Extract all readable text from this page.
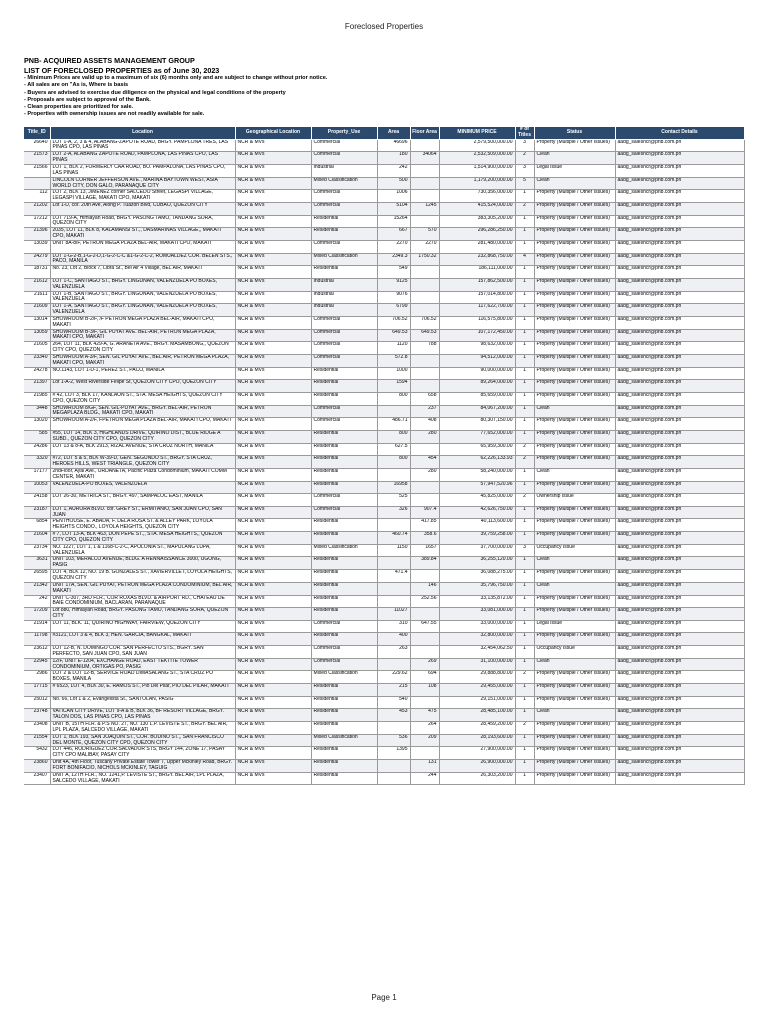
Foreclosed Properties
PNB- ACQUIRED ASSETS MANAGEMENT GROUP
LIST OF FORECLOSED PROPERTIES as of June 30, 2023
- Minimum Prices are valid up to a maximum of six (6) months only and are subject to change without prior notice.
- All sales are on "As is, Where is basis
- Buyers are advised to exercise due diligence on the physical and legal conditions of the property
- Proposals are subject to approval of the Bank.
- Clean properties are prioritized for sale.
- Properties with ownership issues are not readily available for sale.
Title_ID	Location	Geographical Location	Property_Use	Area	Floor Area	MINIMUM PRICE	# of Titles	Status	Contact Details
26640	LOT 1-A, 2, 3 & 4, ALABANG-ZAPOTE ROAD, BRGY. PAMPLONA TRES, LAS PINAS CPO, LAS PINAS	NCR & MVs	Commercial	46696		2,579,500,000.00	3	Property (Multiple / Other Issues)	aadg_salesncr@pnb.com.ph
21573	LOT 2-A, ALABANG ZAPOTE ROAD, PAMPLONA, LAS PINAS CPO, LAS PINAS	NCR & MVs	Commercial	180	34064	2,532,509,000.00	2	Clean	aadg_salesncr@pnb.com.ph
21566	LOT 1, BLK 2, FORMERLY CAA ROAD, BO. PAMPALONA, LAS PINAS CPO, LAS PINAS	NCR & MVs	Industrial	242		1,514,900,000.00	3	Legal Issue	aadg_salesncr@pnb.com.ph
	LINCOLN CORNER JEFFERSON AVE., MARINA BAYTOWN WEST, ASIA WORLD CITY, DON GALO, PARANAQUE CITY	NCR & MVs	Mixed Classification	500		1,179,200,000.00	5	Clean	aadg_salesncr@pnb.com.ph
112	LOT 2, BLK 13, JIMENEZ corner SALCEDO Street, LEGASPI VILLAGE, LEGASPI VILLAGE, MAKATI CPO, MAKATI	NCR & MVs	Commercial	1006		730,356,000.00	1	Property (Multiple / Other Issues)	aadg_salesncr@pnb.com.ph
21202	Lot 1-D, cor. 20th Ave, Along P. Tuazon Blvd, CUBAO, QUEZON CITY	NCR & MVs	Commercial	5104	1245	415,524,000.00	2	Property (Multiple / Other Issues)	aadg_salesncr@pnb.com.ph
17212	LOT 719-A, Himlayan Road, BRGY. PASONG TAMO, TANDANG SORA, QUEZON CITY	NCR & MVs	Residential	15264		383,305,200.00	1	Property (Multiple / Other Issues)	aadg_salesncr@pnb.com.ph
21396	2035, LOT 11, BLK 8, KALAMANSI ST.,, DASMARINAS VILLAGE,, MAKATI CPO, MAKATI	NCR & MVs	Residential	667	570	296,286,250.00	1	Property (Multiple / Other Issues)	aadg_salesncr@pnb.com.ph
13039	UNIT 8A-8/F, PETRON MEGA PLAZA BEL-AIR, MAKATI CPO, MAKATI	NCR & MVs	Commercial	2270	2270	281,480,000.00	1	Property (Multiple / Other Issues)	aadg_salesncr@pnb.com.ph
24279	LOT 1-G-2-B,1-G-2-D,1-G-2-C-C &1-G-2-C-2, ROMUALDEZ COR. BELEN STS., PACO, MANILA	NCR & MVs	Mixed Classification	2349.3	1750.32	232,868,750.00	4	Property (Multiple / Other Issues)	aadg_salesncr@pnb.com.ph
18731	No. 23, Lot 2, Block 7, Libra St., Bel Air 4 Village, BEL AIR, MAKATI	NCR & MVs	Residential	549		186,111,000.00	1	Property (Multiple / Other Issues)	aadg_salesncr@pnb.com.ph
21612	LOT 1-C, SANTIAGO ST., BRGY. LINGUNAN, VALENZUELA PO BOXES, VALENZUELA	NCR & MVs	Industrial	9125		157,862,500.00	1	Property (Multiple / Other Issues)	aadg_salesncr@pnb.com.ph
21611	LOT 1-B, SANTIAGO ST., BRGY. LINGUNAN, VALENZUELA PO BOXES, VALENZUELA	NCR & MVs	Industrial	9076		157,014,800.00	1	Property (Multiple / Other Issues)	aadg_salesncr@pnb.com.ph
21609	LOT 1-A, SANTIAGO ST., BRGY. LINGUNAN, VALENZUELA PO BOXES, VALENZUELA	NCR & MVs	Industrial	6799		117,622,700.00	1	Property (Multiple / Other Issues)	aadg_salesncr@pnb.com.ph
13014	SHOWROOM B-2/F, /F PETRON MEGA PLAZA BEL-AIR, MAKATI CPO, MAKATI	NCR & MVs	Commercial	706.52	706.52	116,575,800.00	1	Property (Multiple / Other Issues)	aadg_salesncr@pnb.com.ph
13059	SHOWROOM B-3/F, GIL PUYAT AVE. BEL-AIR, PETRON MEGA PLAZA, MAKATI CPO, MAKATI	NCR & MVs	Commercial	649.53	649.53	107,172,450.00	1	Property (Multiple / Other Issues)	aadg_salesncr@pnb.com.ph
21605	264, LOT 11, BLK 429-A, G. ARANETA AVE., BRGY. MASAMBONG,, QUEZON CITY CPO, QUEZON CITY	NCR & MVs	Commercial	1120	788	98,632,000.00	1	Property (Multiple / Other Issues)	aadg_salesncr@pnb.com.ph
23340	SHOWROOM A-3/F, SEN. GIL PUYAT AVE., BEL AIR, PETRON MEGA PLAZA, MAKATI CPO, MAKATI	NCR & MVs	Commercial	572.8		94,512,000.00	1	Property (Multiple / Other Issues)	aadg_salesncr@pnb.com.ph
24278	NO.1143, LOT 1-D-1, PEREZ ST., PACO, MANILA	NCR & MVs	Residential	1000		90,000,000.00	1	Property (Multiple / Other Issues)	aadg_salesncr@pnb.com.ph
21397	Lot 1-A-2, West Riverside Felipe St, QUEZON CITY CPO, QUEZON CITY	NCR & MVs	Residential	1594		89,264,000.00	1	Property (Multiple / Other Issues)	aadg_salesncr@pnb.com.ph
21985	# 42, LOT 3, BLK 17, KANLAON ST., STA. MESA HEIGHTS, QUEZON CITY CPO, QUEZON CITY	NCR & MVs	Residential	800	658	85,659,000.00	1	Property (Multiple / Other Issues)	aadg_salesncr@pnb.com.ph
3448	SHOWROOM 8/GF, SEN. GIL-PUYAT AVE., BRGY. BEL-AIR, PETRON MEGAPLAZA BLDG., MAKATI CPO, MAKATI	NCR & MVs	Commercial		237	84,067,200.00	1	Clean	aadg_salesncr@pnb.com.ph
13020	SHOWROOM A-2/F, FPETRON MEGA PLAZA BEL-AIR, MAKATI CPO, MAKATI	NCR & MVs	Commercial	486.71	408	80,307,150.00	1	Property (Multiple / Other Issues)	aadg_salesncr@pnb.com.ph
585	#55, LOT 14, BLK 3, HIGHLANDS DRIVE, QUIRINO DIST., BLUE RIDGE A SUBD., QUEZON CITY CPO, QUEZON CITY	NCR & MVs	Residential	800	280	77,652,000.00	1	Property (Multiple / Other Issues)	aadg_salesncr@pnb.com.ph
24286	LOT 13 & 8-A, BLK 2913, RIZAL AVENUE, STA CRUZ NORTH, MANILA	NCR & MVs	Residential	627.5		65,959,300.00	2	Property (Multiple / Other Issues)	aadg_salesncr@pnb.com.ph
3320	#72, LOT 5 & 5, BLK W-39-D, GEN. SEGUNDO ST., BRGY. STA CRUZ, HEROES HILLS, WEST TRIANGLE, QUEZON CITY	NCR & MVs	Residential	800	454	62,226,133.93	2	Property (Multiple / Other Issues)	aadg_salesncr@pnb.com.ph
17177	2ndFloor, Ayal Ave., URDANETA, Pacific Plaza Condominium, MAKATI COMM CENTER, MAKATI	NCR & MVs	Residential		280	58,240,000.00	1	Clean	aadg_salesncr@pnb.com.ph
10053	VALENZUELA-PO BOXES, VALENZUELA	NCR & MVs	Residential	16958		57,947,520.96	1	Property (Multiple / Other Issues)	aadg_salesncr@pnb.com.ph
24158	LOT 26-30, METRICA ST., BRGY. 497, SAMPALOC EAST, MANILA	NCR & MVs	Commercial	525		45,825,000.00	2	Ownership Issue	aadg_salesncr@pnb.com.ph
23187	LOT 1, AURORA BLVD. cor. GREY ST., ERMITANIO, SAN JUAN CPO, SAN JUAN	NCR & MVs	Commercial	326	907.4	42,626,750.00	1	Property (Multiple / Other Issues)	aadg_salesncr@pnb.com.ph
6854	PENTHOUSE, E. ABADA, F. DELA ROSA ST. & ALLEY PARK, LOYOLA HEIGHTS CONDO., LOYOLA HEIGHTS, QUEZON CITY	NCR & MVs	Residential		417.85	40,113,600.00	1	Property (Multiple / Other Issues)	aadg_salesncr@pnb.com.ph
21604	# 7, LOT 13-A, BLK 463, DON PEPE ST.,, STA. MESA HEIGHTS,, QUEZON CITY CPO, QUEZON CITY	NCR & MVs	Residential	460.74	358.6	39,759,258.00	1	Property (Multiple / Other Issues)	aadg_salesncr@pnb.com.ph
23734	NO. 1227, LOT 1, 1 & 1168-C-2-C, APOLONIA ST., MAPULANG LUPA, VALENZUELA	NCR & MVs	Mixed Classification	1150	1657	37,700,000.00	3	Occupancy Issue	aadg_salesncr@pnb.com.ph
3631	UNIT 103, MERALCO AVENUE, BLDG. A RENNAISSANCE 3000, UGONG, PASIG	NCR & MVs	Residential		389.84	36,255,120.00	1	Clean	aadg_salesncr@pnb.com.ph
26595	LOT 4, BLK 12, NO. 19 B. GONZALES ST., XAVIERVILLE I, LOYOLA HEIGHTS, QUEZON CITY	NCR & MVs	Residential	471.4		36,088,275.00	1	Property (Multiple / Other Issues)	aadg_salesncr@pnb.com.ph
21342	UNIT 17A, SEN. GIL PUYAT, PETRON MEGA PLAZA CONDOMINIUM, BEL AIR, MAKATI	NCR & MVs	Residential		146	35,796,750.00	1	Clean	aadg_salesncr@pnb.com.ph
242	UNIT C-307, 3RD FLR., COR ROXAS BLVD. & AIRPORT RD., CHATEAU DE BAIE CONDOMINIUM, BACLARAN, PARANAQUE	NCR & MVs	Residential		252.56	33,135,872.00	1	Property (Multiple / Other Issues)	aadg_salesncr@pnb.com.ph
17209	Lot 880, Himlayan Road, BRGY. PASONG TAMO, TANDANG SORA, QUEZON CITY	NCR & MVs	Residential	11027		33,081,000.00	1	Property (Multiple / Other Issues)	aadg_salesncr@pnb.com.ph
21914	LOT 11, BLK. 11, QUIRINO HIGHWAY, FAIRVIEW, QUEZON CITY	NCR & MVs	Commercial	310	647.55	33,000,000.00	1	Legal Issue	aadg_salesncr@pnb.com.ph
11798	#3121, LOT 3 & 4, BLK 3, HEN. GARCIA, BANGKAL, MAKATI	NCR & MVs	Residential	400		32,800,000.00	1	Property (Multiple / Other Issues)	aadg_salesncr@pnb.com.ph
23612	LOT 12-B, N. DOMINGO COR. SAN PERFECTO STS., BGRY. SAN PERFECTO, SAN JUAN CPO, SAN JUAN	NCR & MVs	Commercial	263		32,454,062.50	1	Occupancy Issue	aadg_salesncr@pnb.com.ph
22945	12/F, UNIT E-1204, EXCHANGE ROAD, EAST TEKTITE TOWER CONDOMINIUM, ORTIGAS PO, PASIG	NCR & MVs	Commercial		269	31,100,000.00	1	Clean	aadg_salesncr@pnb.com.ph
2986	LOT 2 & LOT 12-B, SERVICE ROAD DIMASALANG ST., STA CRUZ PO BOXES, MANILA	NCR & MVs	Mixed Classification	229.62	694	29,888,800.00	2	Property (Multiple / Other Issues)	aadg_salesncr@pnb.com.ph
17715	# 6523, LOT 4, BLK 30, E. RAMOS ST., Pio Del Pilar, PIO DEL PILAR, MAKATI	NCR & MVs	Residential	215	108	29,455,000.00	1	Property (Multiple / Other Issues)	aadg_salesncr@pnb.com.ph
25012	No. 66, Lot 1 & 2, Evangelista St., SANTOLAN, PASIG	NCR & MVs	Residential	540		29,151,000.00	1	Property (Multiple / Other Issues)	aadg_salesncr@pnb.com.ph
23748	VATICAN CITY DRIVE, LOT 9-A & B, BLK 36, BF RESORT VILLAGE, BRGY. TALON DOS, LAS PINAS CPO, LAS PINAS	NCR & MVs	Residential	453	475	28,485,100.00	1	Clean	aadg_salesncr@pnb.com.ph
23408	UNIT B, 15TH FLR. & P.S NO. 27, NO. 130 L.P. LEVISTE ST., BRGY. BEL AIR, LPL PLAZA, SALCEDO VILLAGE, MAKATI	NCR & MVs	Residential		264	28,459,200.00	2	Property (Multiple / Other Issues)	aadg_salesncr@pnb.com.ph
21554	LOT 1, BLK 193, SAN JOAQUIN ST., COR. BODINO ST.,, SAN FRANCISCO DEL MONTE, QUEZON CITY CPO, QUEZON CITY	NCR & MVs	Mixed Classification	536	209	28,193,600.00	1	Property (Multiple / Other Issues)	aadg_salesncr@pnb.com.ph
5432	LOT 446, RODRIGUEZ COR.SALVADOR STS, BRGY 144, ZONE 17, PASAY CITY CPO MALIBAY, PASAY CITY	NCR & MVs	Residential	1395		27,900,000.00	1	Property (Multiple / Other Issues)	aadg_salesncr@pnb.com.ph
23860	Unit 4A, 4th Floor, Tuscany Private Estate Tower 7, Upper Mckinley Road, BRGY. FORT BONIFACIO, NICHOLS MCKINLEY, TAGUIG	NCR & MVs	Residential		131	26,900,000.00	1	Property (Multiple / Other Issues)	aadg_salesncr@pnb.com.ph
23407	UNIT A, 12TH FLR., NO. 1241,P. LEVISTE ST., BRGY. BEL AIR, LPL PLAZA, SALCEDO VILLAGE, MAKATI	NCR & MVs	Residential		244	26,303,200.00	1	Property (Multiple / Other Issues)	aadg_salesncr@pnb.com.ph
Page 1
